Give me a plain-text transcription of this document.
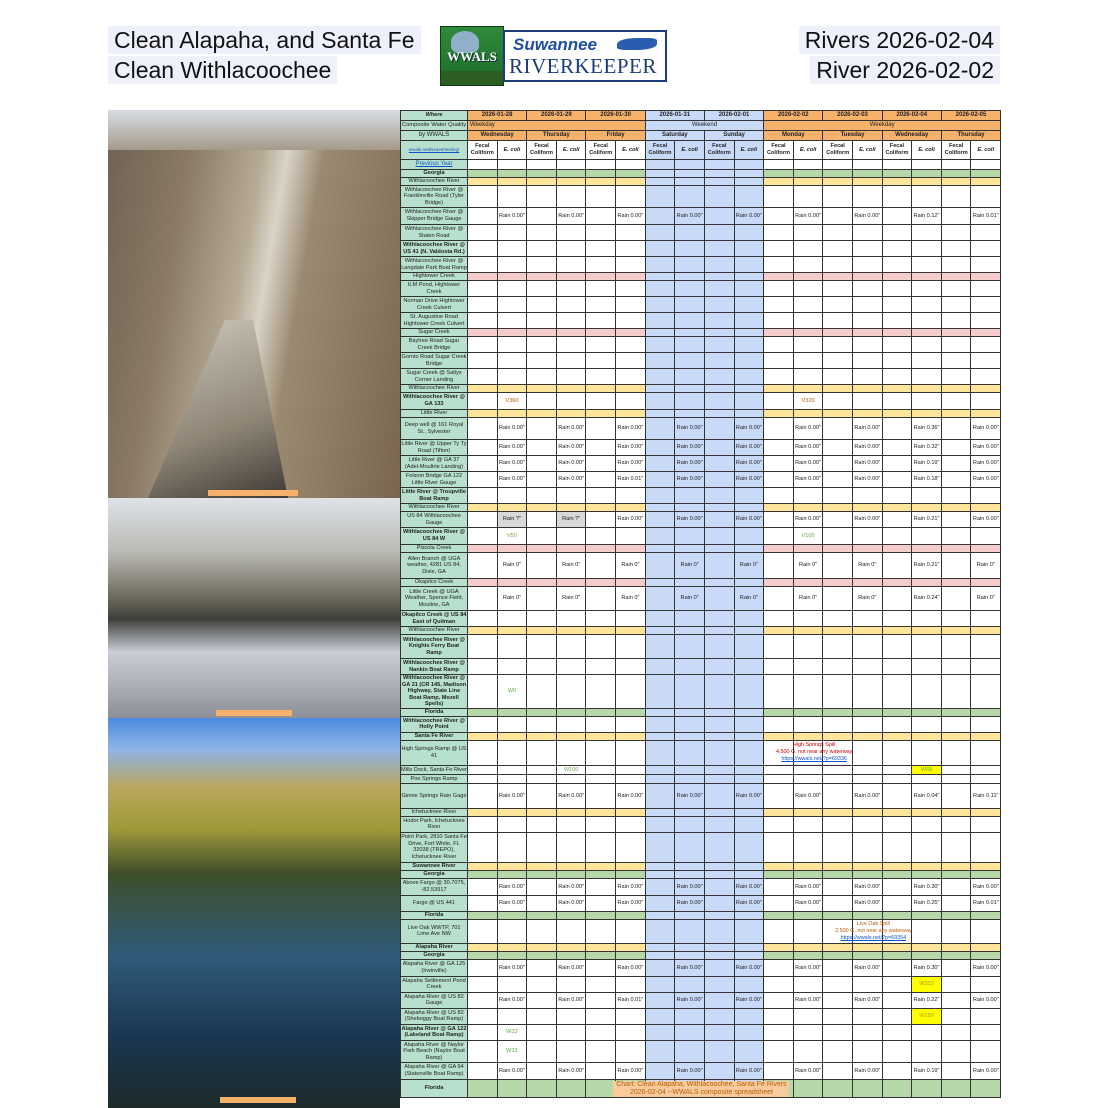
Clean Alapaha, and Santa Fe
Clean Withlacoochee
Rivers 2026-02-04
River 2026-02-02
WWALS
Suwannee
RIVERKEEPER
Where	2026-01-28		2026-01-29		2026-01-30		2026-01-31		2026-02-01		2026-02-02		2026-02-03		2026-02-04		2026-02-05	
Composite Water Quality	Weekday						Weekend				Weekday							
by WWALS	Wednesday		Thursday		Friday		Saturday		Sunday		Monday		Tuesday		Wednesday		Thursday	
wwals.net/issues/testing/	Fecal Coliform	E. coli	Fecal Coliform	E. coli	Fecal Coliform	E. coli	Fecal Coliform	E. coli	Fecal Coliform	E. coli	Fecal Coliform	E. coli	Fecal Coliform	E. coli	Fecal Coliform	E. coli	Fecal Coliform	E. coli
Previous Year																		
Georgia																		
Withlacoochee River																		
Withlacoochee River @ Franklinville Road (Tyler Bridge)																		
Withlacoochee River @ Skipper Bridge Gauge		Rain 0.00"		Rain 0.00"		Rain 0.00"		Rain 0.00"		Rain 0.00"		Rain 0.00"		Rain 0.00"		Rain 0.12"		Rain 0.01"
Withlacoochee River @ Staten Road																		
Withlacoochee River @ US 41 (N. Valdosta Rd.)																		
Withlacoochee River @ Langdale Park Boat Ramp																		
Hightower Creek																		
ILM Pond, Hightower Creek																		
Norman Drive Hightower Creek Culvert																		
St. Augustine Road Hightower Creek Culvert																		
Sugar Creek																		
Baytree Road Sugar Creek Bridge																		
Gornto Road Sugar Creek Bridge																		
Sugar Creek @ Saltys Corner Landing																		
Withlacoochee River																		
Withlacoochee River @ GA 133		V360										V320						
Little River																		
Deep well @ 161 Royal St., Sylvester		Rain 0.00"		Rain 0.00"		Rain 0.00"		Rain 0.00"		Rain 0.00"		Rain 0.00"		Rain 0.00"		Rain 0.36"		Rain 0.00"
Little River @ Upper Ty Ty Road (Tifton)		Rain 0.00"		Rain 0.00"		Rain 0.00"		Rain 0.00"		Rain 0.00"		Rain 0.00"		Rain 0.00"		Rain 0.32"		Rain 0.00"
Little River @ GA 37 (Adel-Moultrie Landing)		Rain 0.00"		Rain 0.00"		Rain 0.00"		Rain 0.00"		Rain 0.00"		Rain 0.00"		Rain 0.00"		Rain 0.19"		Rain 0.00"
Folsom Bridge GA 122 Little River Gauge		Rain 0.00"		Rain 0.00"		Rain 0.01"		Rain 0.00"		Rain 0.00"		Rain 0.00"		Rain 0.00"		Rain 0.18"		Rain 0.00"
Little River @ Troupville Boat Ramp																		
Withlacoochee River																		
US 84 Withlacoochee Gauge		Rain ?"		Rain ?"		Rain 0.00"		Rain 0.00"		Rain 0.00"		Rain 0.00"		Rain 0.00"		Rain 0.21"		Rain 0.00"
Withlacoochee River @ US 84 W		V50										V100						
Piscola Creek																		
Allen Branch @ UGA weather, 4281 US 84, Dixie, GA		Rain 0"		Rain 0"		Rain 0"		Rain 0"		Rain 0"		Rain 0"		Rain 0"		Rain 0.21"		Rain 0"
Okapilco Creek																		
Little Creek @ UGA Weather, Spence Field, Moultrie, GA		Rain 0"		Rain 0"		Rain 0"		Rain 0"		Rain 0"		Rain 0"		Rain 0"		Rain 0.24"		Rain 0"
Okapilco Creek @ US 84 East of Quitman																		
Withlacoochee River																		
Withlacoochee River @ Knights Ferry Boat Ramp																		
Withlacoochee River @ Nankin Boat Ramp																		
Withlacoochee River @ GA 31 (CR 145, Madison Highway, State Line Boat Ramp, Mozell Spells)		W0																
Florida																		
Withlacoochee River @ Holly Point																		
Santa Fe River																		
High Springs Ramp @ US 41											High Springs Spill
4,500 G. not near any waterway
https://wwals.net/?p=69336							

Mills Dock, Santa Fe River				W100												W68		
Poe Springs Ramp																		
Ginnie Springs Rain Gage		Rain 0.00"		Rain 0.00"		Rain 0.00"		Rain 0.00"		Rain 0.00"		Rain 0.00"		Rain 0.00"		Rain 0.04"		Rain 0.11"
Ichetucknee River																		
Hodor Park, Ichetucknee River																		
Point Park, 2810 Santa Fe Drive, Fort White, FL 32038 (TREPO), Ichetucknee River																		
Suwannee River																		
Georgia																		
Above Fargo @ 30.7075, -82.53917		Rain 0.00"		Rain 0.00"		Rain 0.00"		Rain 0.00"		Rain 0.00"		Rain 0.00"		Rain 0.00"		Rain 0.30"		Rain 0.00"
Fargo @ US 441		Rain 0.00"		Rain 0.00"		Rain 0.00"		Rain 0.00"		Rain 0.00"		Rain 0.00"		Rain 0.00"		Rain 0.25"		Rain 0.01"
Florida																		
Live Oak WWTP, 701 Lime Ave NW													Live Oak Spill
2,500 G. not near any waterway
https://wwals.net/?p=69354					

Alapaha River																		
Georgia																		
Alapaha River @ GA 125 (Irwinville)		Rain 0.00"		Rain 0.00"		Rain 0.00"		Rain 0.00"		Rain 0.00"		Rain 0.00"		Rain 0.00"		Rain 0.30"		Rain 0.00"
Alapaha Settlement Pond Creek																W333		
Alapaha River @ US 82 Gauge		Rain 0.00"		Rain 0.00"		Rain 0.01"		Rain 0.00"		Rain 0.00"		Rain 0.00"		Rain 0.00"		Rain 0.22"		Rain 0.00"
Alapaha River @ US 82 (Sheboggy Boat Ramp)																W199		
Alapaha River @ GA 122 (Lakeland Boat Ramp)		W33																
Alapaha River @ Naylor Park Beach (Naylor Boat Ramp)		W33																
Alapaha River @ GA 94 (Statenville Boat Ramp)		Rain 0.00"		Rain 0.00"		Rain 0.00"		Rain 0.00"		Rain 0.00"		Rain 0.00"		Rain 0.00"		Rain 0.19"		Rain 0.00"
Florida					Chart: Clean Alapaha, Withlacoochee, Santa Fe Rivers
2026-02-04 --WWALS composite spreadsheet													
